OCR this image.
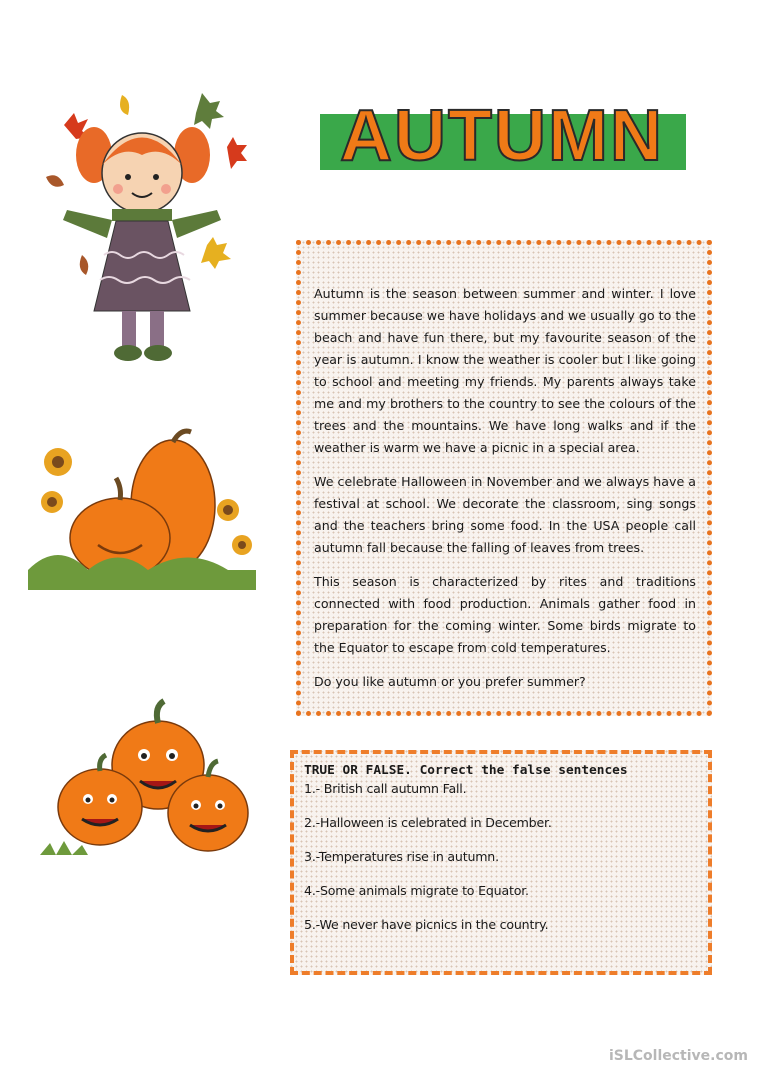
AUTUMN

Autumn is the season between summer and winter. I love summer because we have holidays and we usually go to the beach and have fun there, but my favourite season of the year is autumn. I know the weather is cooler but I like going to school and meeting my friends. My parents always take me and my brothers to the country to see the colours of the trees and the mountains. We have long walks and if the weather is warm we have a picnic in a special area.

We celebrate Halloween in November and we always have a festival at school. We decorate the classroom, sing songs and the teachers bring some food. In the USA people call autumn fall because the falling of leaves from trees.

This season is characterized by rites and traditions connected with food production. Animals gather food in preparation for the coming winter. Some birds migrate to the Equator to escape from cold temperatures.

Do you like autumn or you prefer summer?

TRUE OR FALSE. Correct the false sentences

1.- British call autumn Fall.

2.-Halloween is celebrated in December.

3.-Temperatures rise in autumn.

4.-Some animals migrate to Equator.

5.-We never have picnics in the country.

iSLCollective.com
